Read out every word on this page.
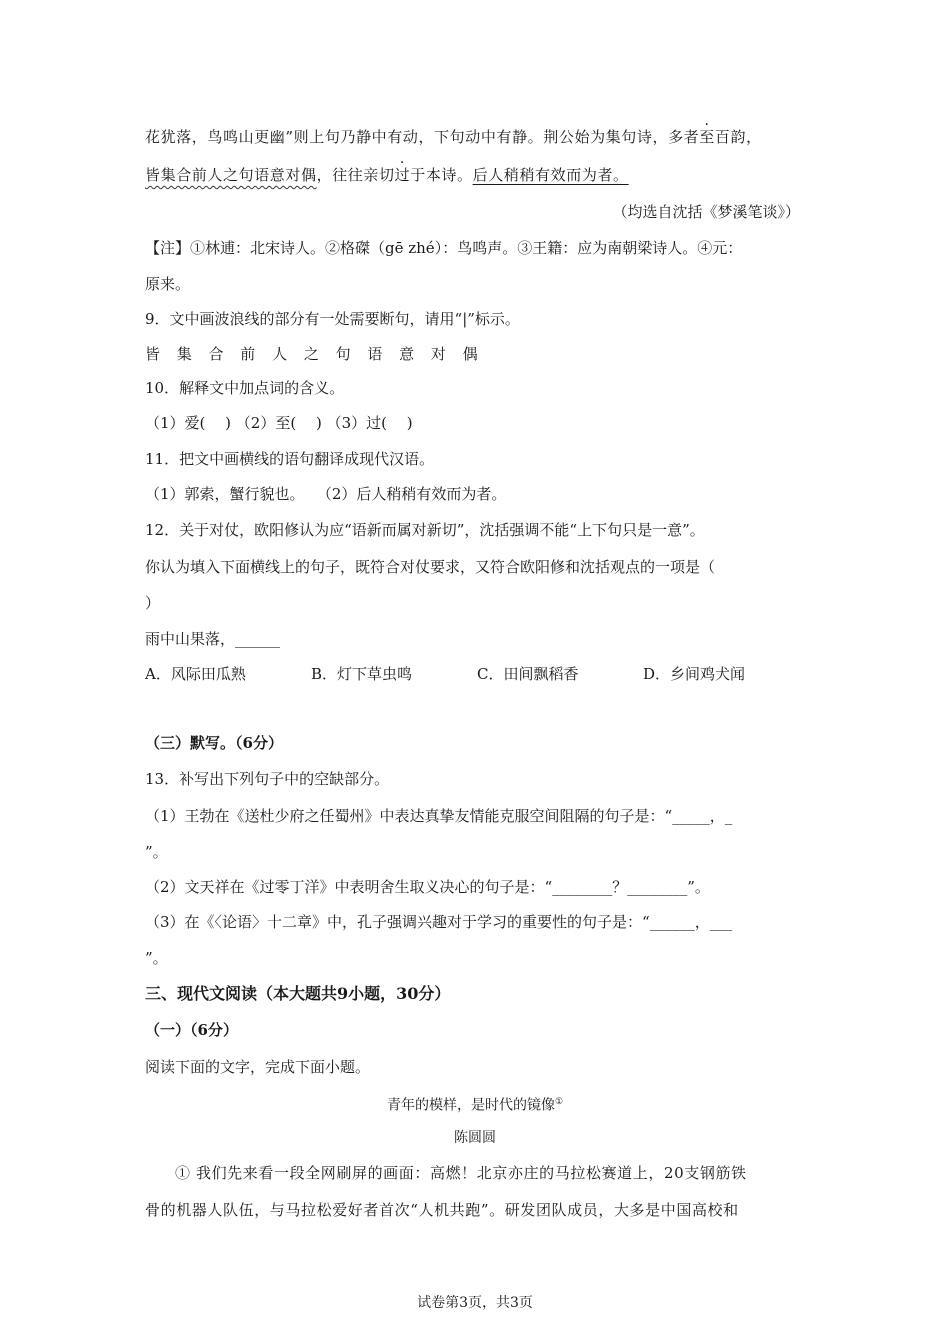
花犹落，鸟鸣山更幽”则上句乃静中有动，下句动中有静。荆公始为集句诗，多者至百韵，
皆集合前人之句语意对偶，往往亲切过于本诗。后人稍稍有效而为者。
（均选自沈括《梦溪笔谈》）
【注】①林逋：北宋诗人。②格磔（gē zhé）：鸟鸣声。③王籍：应为南朝梁诗人。④元：
原来。
9．文中画波浪线的部分有一处需要断句，请用“|”标示。
皆 集 合 前 人 之 句 语 意 对 偶
10．解释文中加点词的含义。
（1）爱(　 ) （2）至(　 ) （3）过(　 )
11．把文中画横线的语句翻译成现代汉语。
（1）郭索，蟹行貌也。　 （2）后人稍稍有效而为者。
12．关于对仗，欧阳修认为应“语新而属对新切”，沈括强调不能“上下句只是一意”。
你认为填入下面横线上的句子，既符合对仗要求，又符合欧阳修和沈括观点的一项是（
）
雨中山果落，______
A．风际田瓜熟	B．灯下草虫鸣	C．田间飘稻香	D．乡间鸡犬闻
（三）默写。（6分）
13．补写出下列句子中的空缺部分。
（1）王勃在《送杜少府之任蜀州》中表达真挚友情能克服空间阻隔的句子是：“_____，_
”。
（2）文天祥在《过零丁洋》中表明舍生取义决心的句子是：“________？________”。
（3）在《〈论语〉十二章》中，孔子强调兴趣对于学习的重要性的句子是：“______，___
”。
三、现代文阅读（本大题共9小题，30分）
（一）（6分）
阅读下面的文字，完成下面小题。
青年的模样，是时代的镜像①
陈圆圆
① 我们先来看一段全网刷屏的画面：高燃！北京亦庄的马拉松赛道上，20支钢筋铁
骨的机器人队伍，与马拉松爱好者首次“人机共跑”。研发团队成员，大多是中国高校和
试卷第3页，共3页
